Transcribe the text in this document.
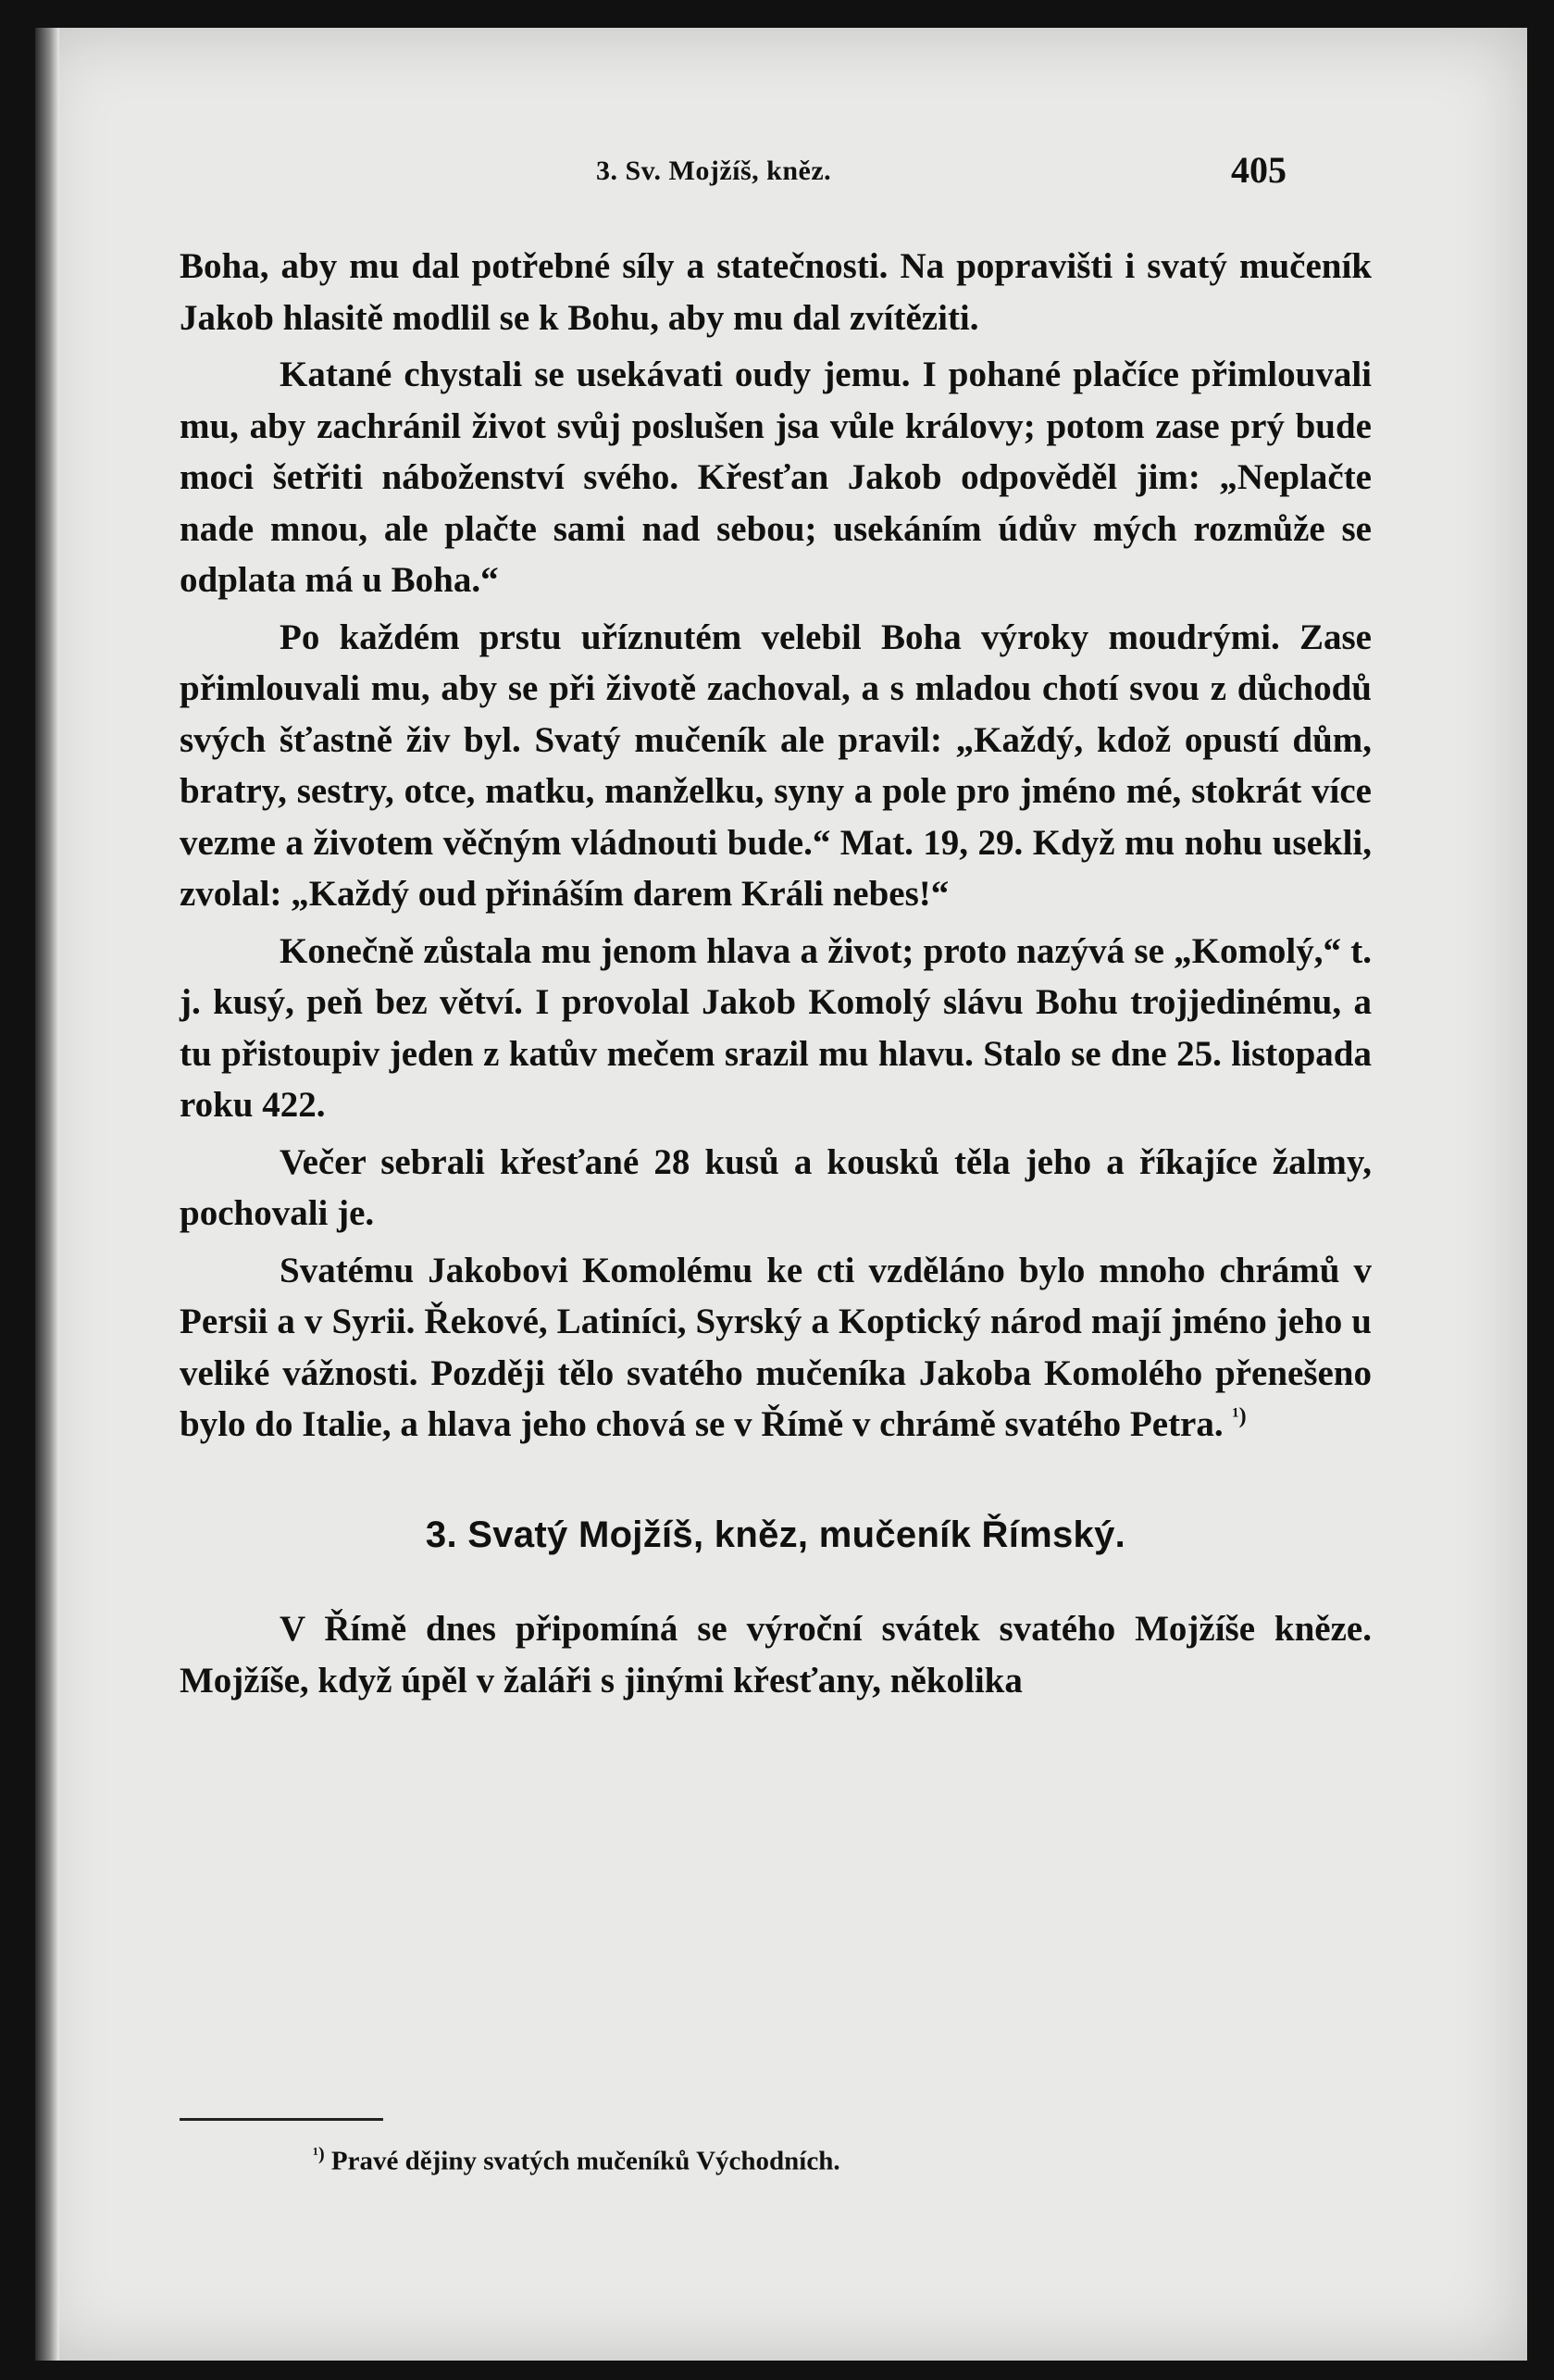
3. Sv. Mojžíš, kněz.	405

Boha, aby mu dal potřebné síly a statečnosti. Na popravišti i svatý mučeník Jakob hlasitě modlil se k Bohu, aby mu dal zvítěziti.

Katané chystali se usekávati oudy jemu. I pohané plačíce přimlouvali mu, aby zachránil život svůj poslušen jsa vůle královy; potom zase prý bude moci šetřiti náboženství svého. Křesťan Jakob odpověděl jim: „Neplačte nade mnou, ale plačte sami nad sebou; usekáním údův mých rozmůže se odplata má u Boha.“

Po každém prstu uříznutém velebil Boha výroky moudrými. Zase přimlouvali mu, aby se při životě zachoval, a s mladou chotí svou z důchodů svých šťastně živ byl. Svatý mučeník ale pravil: „Každý, kdož opustí dům, bratry, sestry, otce, matku, manželku, syny a pole pro jméno mé, stokrát více vezme a životem věčným vládnouti bude.“ Mat. 19, 29. Když mu nohu usekli, zvolal: „Každý oud přináším darem Králi nebes!“

Konečně zůstala mu jenom hlava a život; proto nazývá se „Komolý,“ t. j. kusý, peň bez větví. I provolal Jakob Komolý slávu Bohu trojjedinému, a tu přistoupiv jeden z katův mečem srazil mu hlavu. Stalo se dne 25. listopada roku 422.

Večer sebrali křesťané 28 kusů a kousků těla jeho a říkajíce žalmy, pochovali je.

Svatému Jakobovi Komolému ke cti vzděláno bylo mnoho chrámů v Persii a v Syrii. Řekové, Latiníci, Syrský a Koptický národ mají jméno jeho u veliké vážnosti. Později tělo svatého mučeníka Jakoba Komolého přenešeno bylo do Italie, a hlava jeho chová se v Římě v chrámě svatého Petra. $^{^1)}$

3. Svatý Mojžíš, kněz, mučeník Římský.

V Římě dnes připomíná se výroční svátek svatého Mojžíše kněze. Mojžíše, když úpěl v žaláři s jinými křesťany, několika

$^{^1)}$ Pravé dějiny svatých mučeníků Východních.
